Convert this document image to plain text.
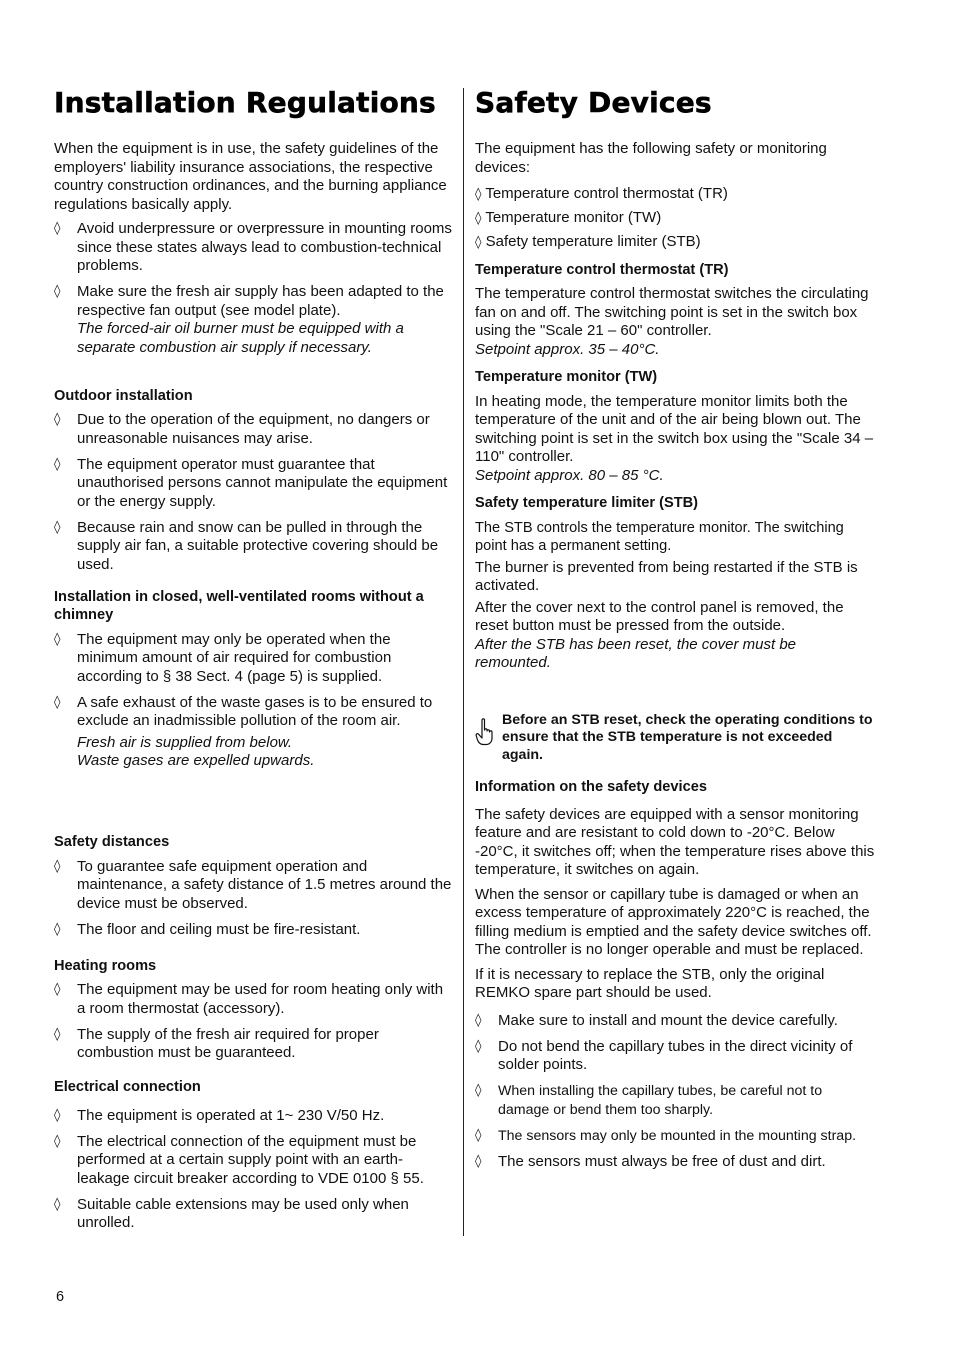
Installation Regulations

When the equipment is in use, the safety guidelines of the employers' liability insurance associations, the respective country construction ordinances, and the burning appliance regulations basically apply.

◊ Avoid underpressure or overpressure in mounting rooms since these states always lead to combustion-technical problems.
◊ Make sure the fresh air supply has been adapted to the respective fan output (see model plate).
The forced-air oil burner must be equipped with a separate combustion air supply if necessary.

Outdoor installation

◊ Due to the operation of the equipment, no dangers or unreasonable nuisances may arise.
◊ The equipment operator must guarantee that unauthorised persons cannot manipulate the equipment or the energy supply.
◊ Because rain and snow can be pulled in through the supply air fan, a suitable protective covering should be used.

Installation in closed, well-ventilated rooms without a chimney

◊ The equipment may only be operated when the minimum amount of air required for combustion according to § 38 Sect. 4 (page 5) is supplied.
◊ A safe exhaust of the waste gases is to be ensured to exclude an inadmissible pollution of the room air.
Fresh air is supplied from below.
Waste gases are expelled upwards.

Safety distances

◊ To guarantee safe equipment operation and maintenance, a safety distance of 1.5 metres around the device must be observed.
◊ The floor and ceiling must be fire-resistant.

Heating rooms

◊ The equipment may be used for room heating only with a room thermostat (accessory).
◊ The supply of the fresh air required for proper combustion must be guaranteed.

Electrical connection

◊ The equipment is operated at 1~ 230 V/50 Hz.
◊ The electrical connection of the equipment must be performed at a certain supply point with an earth-leakage circuit breaker according to VDE 0100 § 55.
◊ Suitable cable extensions may be used only when unrolled.
Safety Devices

The equipment has the following safety or monitoring devices:

◊ Temperature control thermostat (TR)
◊ Temperature monitor (TW)
◊ Safety temperature limiter (STB)

Temperature control thermostat (TR)

The temperature control thermostat switches the circulating fan on and off. The switching point is set in the switch box using the "Scale 21 – 60" controller.

Setpoint approx. 35 – 40°C.

Temperature monitor (TW)

In heating mode, the temperature monitor limits both the temperature of the unit and of the air being blown out. The switching point is set in the switch box using the "Scale 34 – 110" controller.

Setpoint approx. 80 – 85 °C.

Safety temperature limiter (STB)

The STB controls the temperature monitor. The switching point has a permanent setting.

The burner is prevented from being restarted if the STB is activated.

After the cover next to the control panel is removed, the reset button must be pressed from the outside.

After the STB has been reset, the cover must be remounted.

Before an STB reset, check the operating conditions to ensure that the STB temperature is not exceeded again.

Information on the safety devices

The safety devices are equipped with a sensor monitoring feature and are resistant to cold down to -20°C. Below -20°C, it switches off; when the temperature rises above this temperature, it switches on again.

When the sensor or capillary tube is damaged or when an excess temperature of approximately 220°C is reached, the filling medium is emptied and the safety device switches off. The controller is no longer operable and must be replaced.

If it is necessary to replace the STB, only the original REMKO spare part should be used.

◊ Make sure to install and mount the device carefully.
◊ Do not bend the capillary tubes in the direct vicinity of solder points.
◊ When installing the capillary tubes, be careful not to damage or bend them too sharply.
◊ The sensors may only be mounted in the mounting strap.
◊ The sensors must always be free of dust and dirt.
6
